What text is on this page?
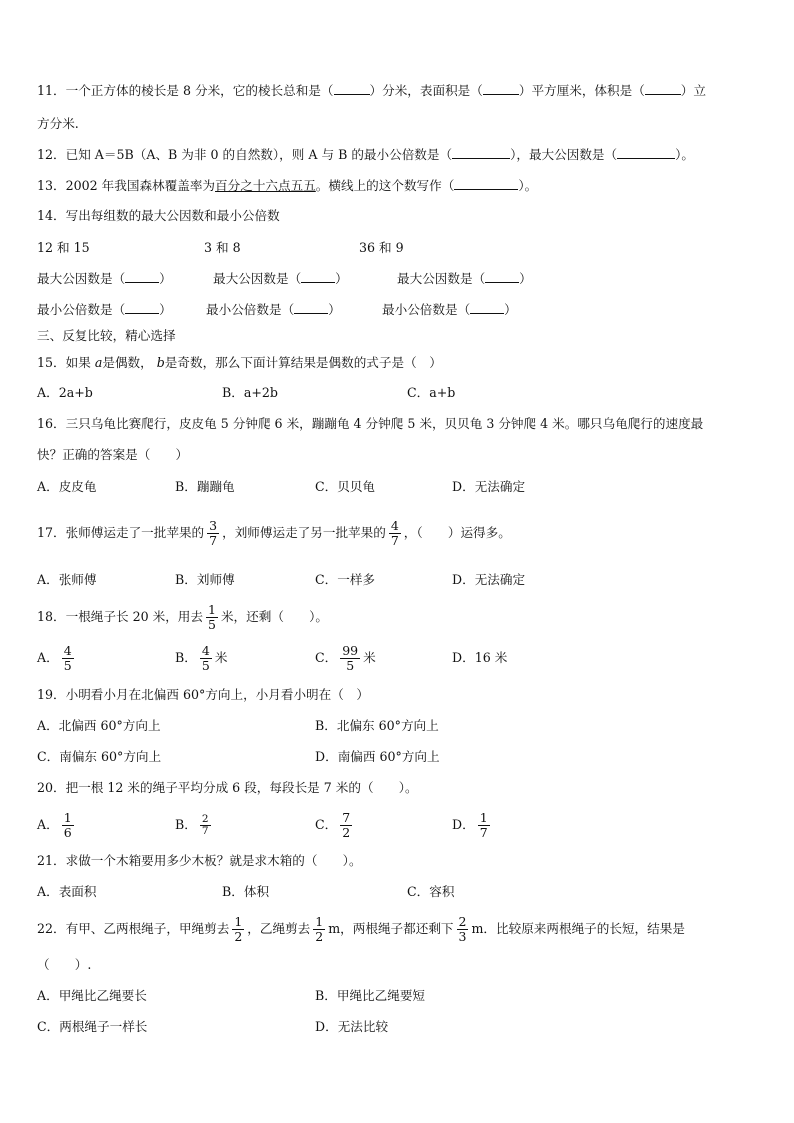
11．一个正方体的棱长是 8 分米，它的棱长总和是（	）分米，表面积是（	）平方厘米，体积是（	）立
方分米.
12．已知 A＝5B（A、B 为非 0 的自然数），则 A 与 B 的最小公倍数是（	），最大公因数是（	）。
13．2002 年我国森林覆盖率为百分之十六点五五。横线上的这个数写作（	）。
14．写出每组数的最大公因数和最小公倍数
12 和 15	3 和 8	36 和 9
最大公因数是（	）	最大公因数是（	）	最大公因数是（	）
最小公倍数是（	）	最小公倍数是（	）	最小公倍数是（	）
三、反复比较，精心选择
15．如果 a是偶数， b是奇数，那么下面计算结果是偶数的式子是（　）
A．2a+b	B．a+2b	C．a+b
16．三只乌龟比赛爬行，皮皮龟 5 分钟爬 6 米，蹦蹦龟 4 分钟爬 5 米，贝贝龟 3 分钟爬 4 米。哪只乌龟爬行的速度最
快？正确的答案是（　　）
A．皮皮龟	B．蹦蹦龟	C．贝贝龟	D．无法确定
17．张师傅运走了一批苹果的 $\frac{3}{7}$ ，刘师傅运走了另一批苹果的 $\frac{4}{7}$ ，（　　）运得多。
A．张师傅	B．刘师傅	C．一样多	D．无法确定
18．一根绳子长 20 米，用去 $\frac{1}{5}$ 米，还剩（　　）。
A． $\frac{4}{5}$	B． $\frac{4}{5}$ 米	C． $\frac{99}{5}$ 米	D．16 米
19．小明看小月在北偏西 60°方向上，小月看小明在（　）
A．北偏西 60°方向上	B．北偏东 60°方向上
C．南偏东 60°方向上	D．南偏西 60°方向上
20．把一根 12 米的绳子平均分成 6 段，每段长是 7 米的（　　）。
A． $\frac{1}{6}$	B． $\frac{2}{7}$	C． $\frac{7}{2}$	D． $\frac{1}{7}$
21．求做一个木箱要用多少木板？就是求木箱的（　　）。
A．表面积	B．体积	C．容积
22．有甲、乙两根绳子，甲绳剪去 $\frac{1}{2}$ ，乙绳剪去 $\frac{1}{2}$ m，两根绳子都还剩下 $\frac{2}{3}$ m．比较原来两根绳子的长短，结果是
（　　）.
A．甲绳比乙绳要长	B．甲绳比乙绳要短
C．两根绳子一样长	D．无法比较
